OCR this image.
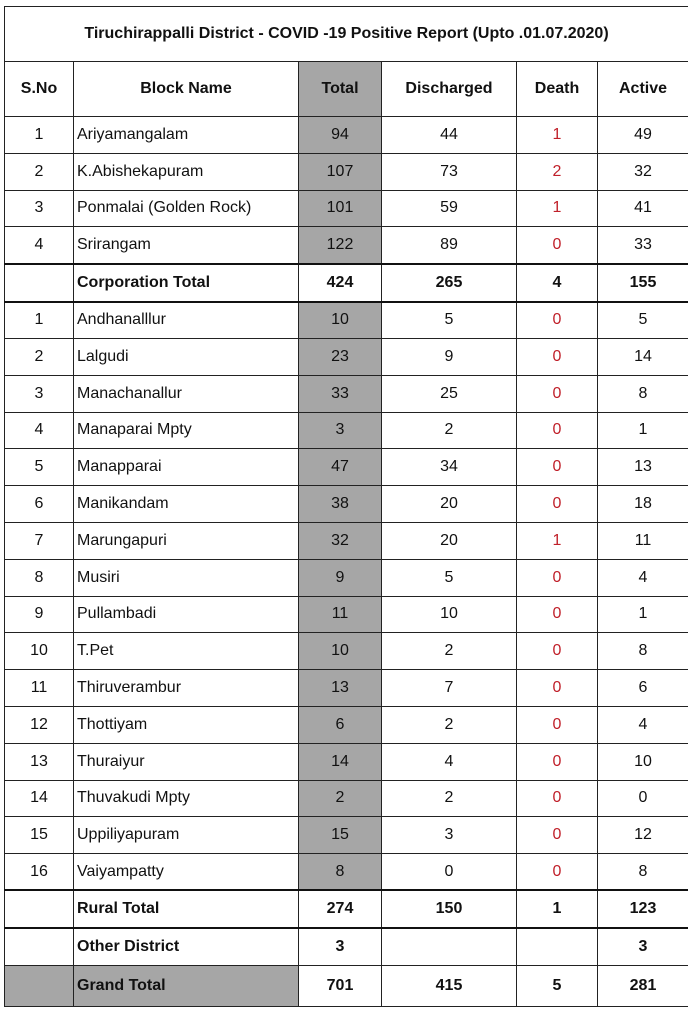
Tiruchirappalli District - COVID -19 Positive Report (Upto .01.07.2020)					
S.No	Block Name	Total	Discharged	Death	Active
1	Ariyamangalam	94	44	1	49
2	K.Abishekapuram	107	73	2	32
3	Ponmalai (Golden Rock)	101	59	1	41
4	Srirangam	122	89	0	33
	Corporation Total	424	265	4	155
1	Andhanalllur	10	5	0	5
2	Lalgudi	23	9	0	14
3	Manachanallur	33	25	0	8
4	Manaparai Mpty	3	2	0	1
5	Manapparai	47	34	0	13
6	Manikandam	38	20	0	18
7	Marungapuri	32	20	1	11
8	Musiri	9	5	0	4
9	Pullambadi	11	10	0	1
10	T.Pet	10	2	0	8
11	Thiruverambur	13	7	0	6
12	Thottiyam	6	2	0	4
13	Thuraiyur	14	4	0	10
14	Thuvakudi Mpty	2	2	0	0
15	Uppiliyapuram	15	3	0	12
16	Vaiyampatty	8	0	0	8
	Rural Total	274	150	1	123
	Other District	3			3
	Grand Total	701	415	5	281
